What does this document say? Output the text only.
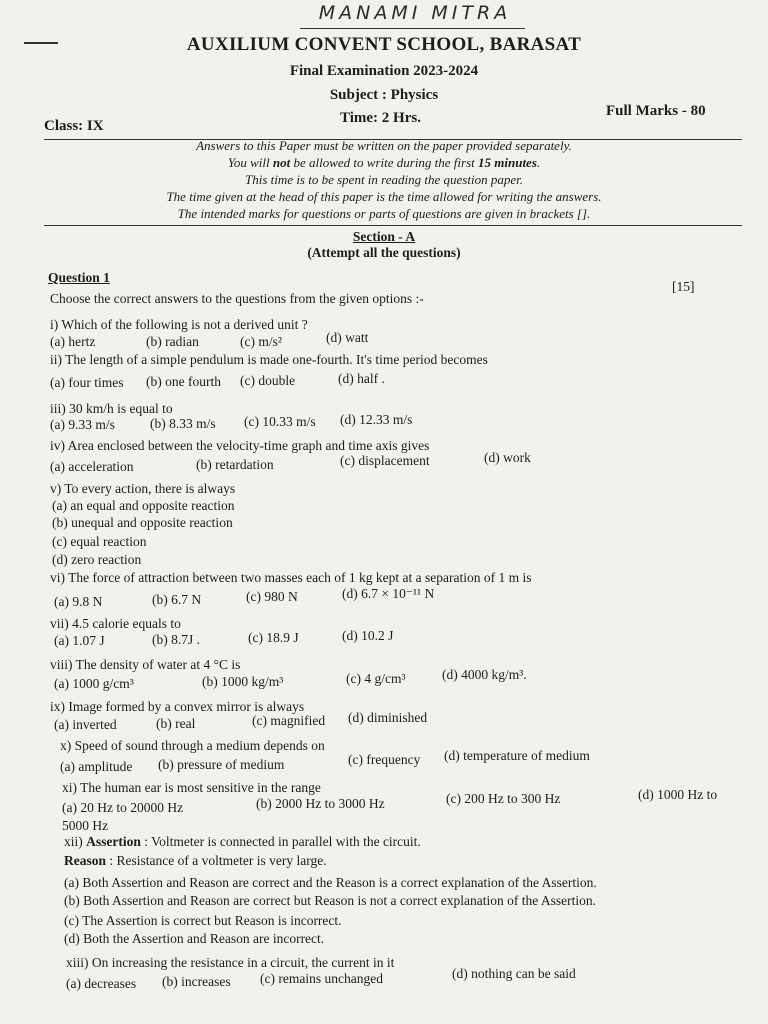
MANAMI MITRA
AUXILIUM CONVENT SCHOOL, BARASAT
Final Examination 2023-2024
Subject : Physics
Class: IX	Time: 2 Hrs.	Full Marks - 80
Answers to this Paper must be written on the paper provided separately.
You will not be allowed to write during the first 15 minutes.
This time is to be spent in reading the question paper.
The time given at the head of this paper is the time allowed for writing the answers.
The intended marks for questions or parts of questions are given in brackets [].
Section - A
(Attempt all the questions)
Question 1
Choose the correct answers to the questions from the given options :-
[15]
i) Which of the following is not a derived unit ?
(a) hertz	(b) radian	(c) m/s²	(d) watt
ii) The length of a simple pendulum is made one-fourth. It's time period becomes
(a) four times (b) one fourth (c) double	(d) half .
iii) 30 km/h is equal to
(a) 9.33 m/s	(b) 8.33 m/s (c) 10.33 m/s (d) 12.33 m/s
iv) Area enclosed between the velocity-time graph and time axis gives
(a) acceleration	(b) retardation	(c) displacement	(d) work
v) To every action, there is always
(a) an equal and opposite reaction
(b) unequal and opposite reaction
(c) equal reaction
(d) zero reaction
vi) The force of attraction between two masses each of 1 kg kept at a separation of 1 m is
(a) 9.8 N	(b) 6.7 N	(c) 980 N	(d) 6.7 × 10⁻¹¹ N
vii) 4.5 calorie equals to
(a) 1.07 J	(b) 8.7J .	(c) 18.9 J	(d) 10.2 J
viii) The density of water at 4 °C is
(a) 1000 g/cm³	(b) 1000 kg/m³	(c) 4 g/cm³	(d) 4000 kg/m³.
ix) Image formed by a convex mirror is always
(a) inverted	(b) real	(c) magnified (d) diminished
x) Speed of sound through a medium depends on
(a) amplitude (b) pressure of medium	(c) frequency (d) temperature of medium
xi) The human ear is most sensitive in the range
(a) 20 Hz to 20000 Hz	(b) 2000 Hz to 3000 Hz	(c) 200 Hz to 300 Hz	(d) 1000 Hz to
5000 Hz
xii) Assertion : Voltmeter is connected in parallel with the circuit.
Reason : Resistance of a voltmeter is very large.
(a) Both Assertion and Reason are correct and the Reason is a correct explanation of the Assertion.
(b) Both Assertion and Reason are correct but Reason is not a correct explanation of the Assertion.
(c) The Assertion is correct but Reason is incorrect.
(d) Both the Assertion and Reason are incorrect.
xiii) On increasing the resistance in a circuit, the current in it
(a) decreases (b) increases (c) remains unchanged	(d) nothing can be said
